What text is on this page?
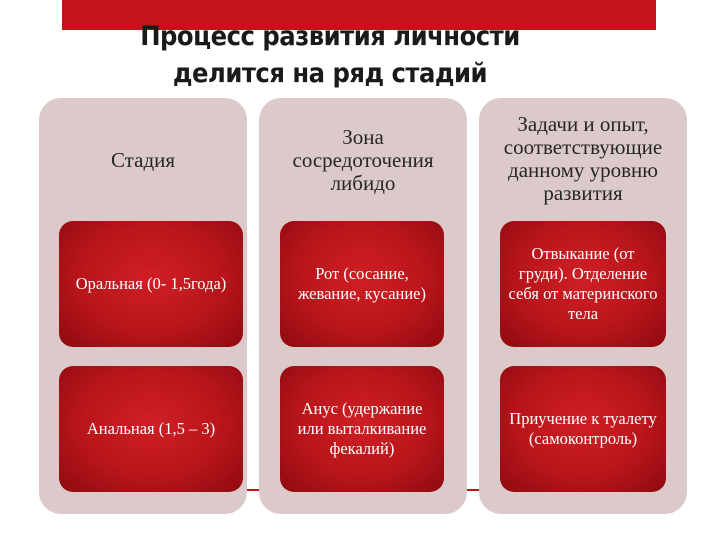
Процесс развития личности
делится на ряд стадий
Стадия
Зона сосредоточения либидо
Задачи и опыт, соответствующие данному уровню развития
Оральная (0- 1,5года)
Рот (сосание, жевание, кусание)
Отвыкание (от груди). Отделение себя от материнского тела
Анальная (1,5 – 3)
Анус (удержание или выталкивание фекалий)
Приучение к туалету (самоконтроль)
